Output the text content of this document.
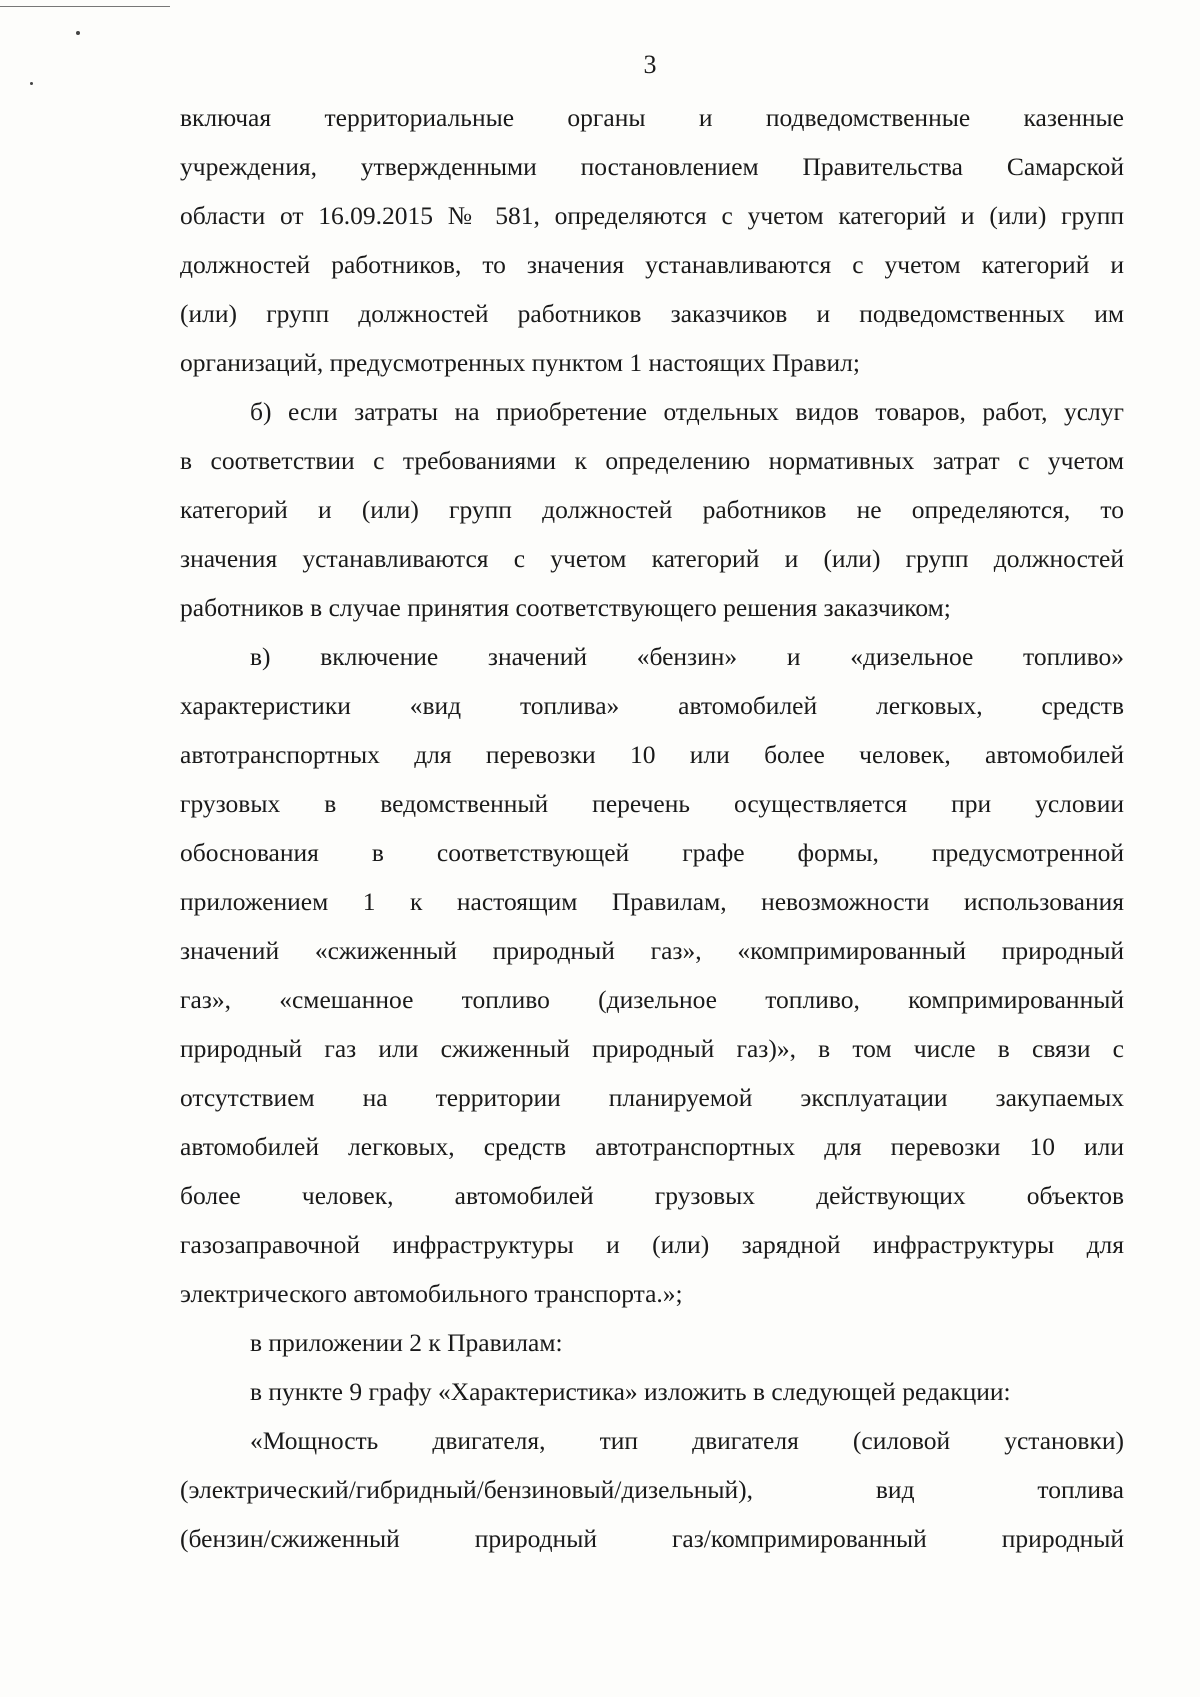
3
включая территориальные органы и подведомственные казенные
учреждения, утвержденными постановлением Правительства Самарской
области от 16.09.2015 № 581, определяются с учетом категорий и (или) групп
должностей работников, то значения устанавливаются с учетом категорий и
(или) групп должностей работников заказчиков и подведомственных им
организаций, предусмотренных пунктом 1 настоящих Правил;
б) если затраты на приобретение отдельных видов товаров, работ, услуг
в соответствии с требованиями к определению нормативных затрат с учетом
категорий и (или) групп должностей работников не определяются, то
значения устанавливаются с учетом категорий и (или) групп должностей
работников в случае принятия соответствующего решения заказчиком;
в) включение значений «бензин» и «дизельное топливо»
характеристики «вид топлива» автомобилей легковых, средств
автотранспортных для перевозки 10 или более человек, автомобилей
грузовых в ведомственный перечень осуществляется при условии
обоснования в соответствующей графе формы, предусмотренной
приложением 1 к настоящим Правилам, невозможности использования
значений «сжиженный природный газ», «компримированный природный
газ», «смешанное топливо (дизельное топливо, компримированный
природный газ или сжиженный природный газ)», в том числе в связи с
отсутствием на территории планируемой эксплуатации закупаемых
автомобилей легковых, средств автотранспортных для перевозки 10 или
более человек, автомобилей грузовых действующих объектов
газозаправочной инфраструктуры и (или) зарядной инфраструктуры для
электрического автомобильного транспорта.»;
в приложении 2 к Правилам:
в пункте 9 графу «Характеристика» изложить в следующей редакции:
«Мощность двигателя, тип двигателя (силовой установки)
(электрический/гибридный/бензиновый/дизельный), вид топлива
(бензин/сжиженный природный газ/компримированный природный
